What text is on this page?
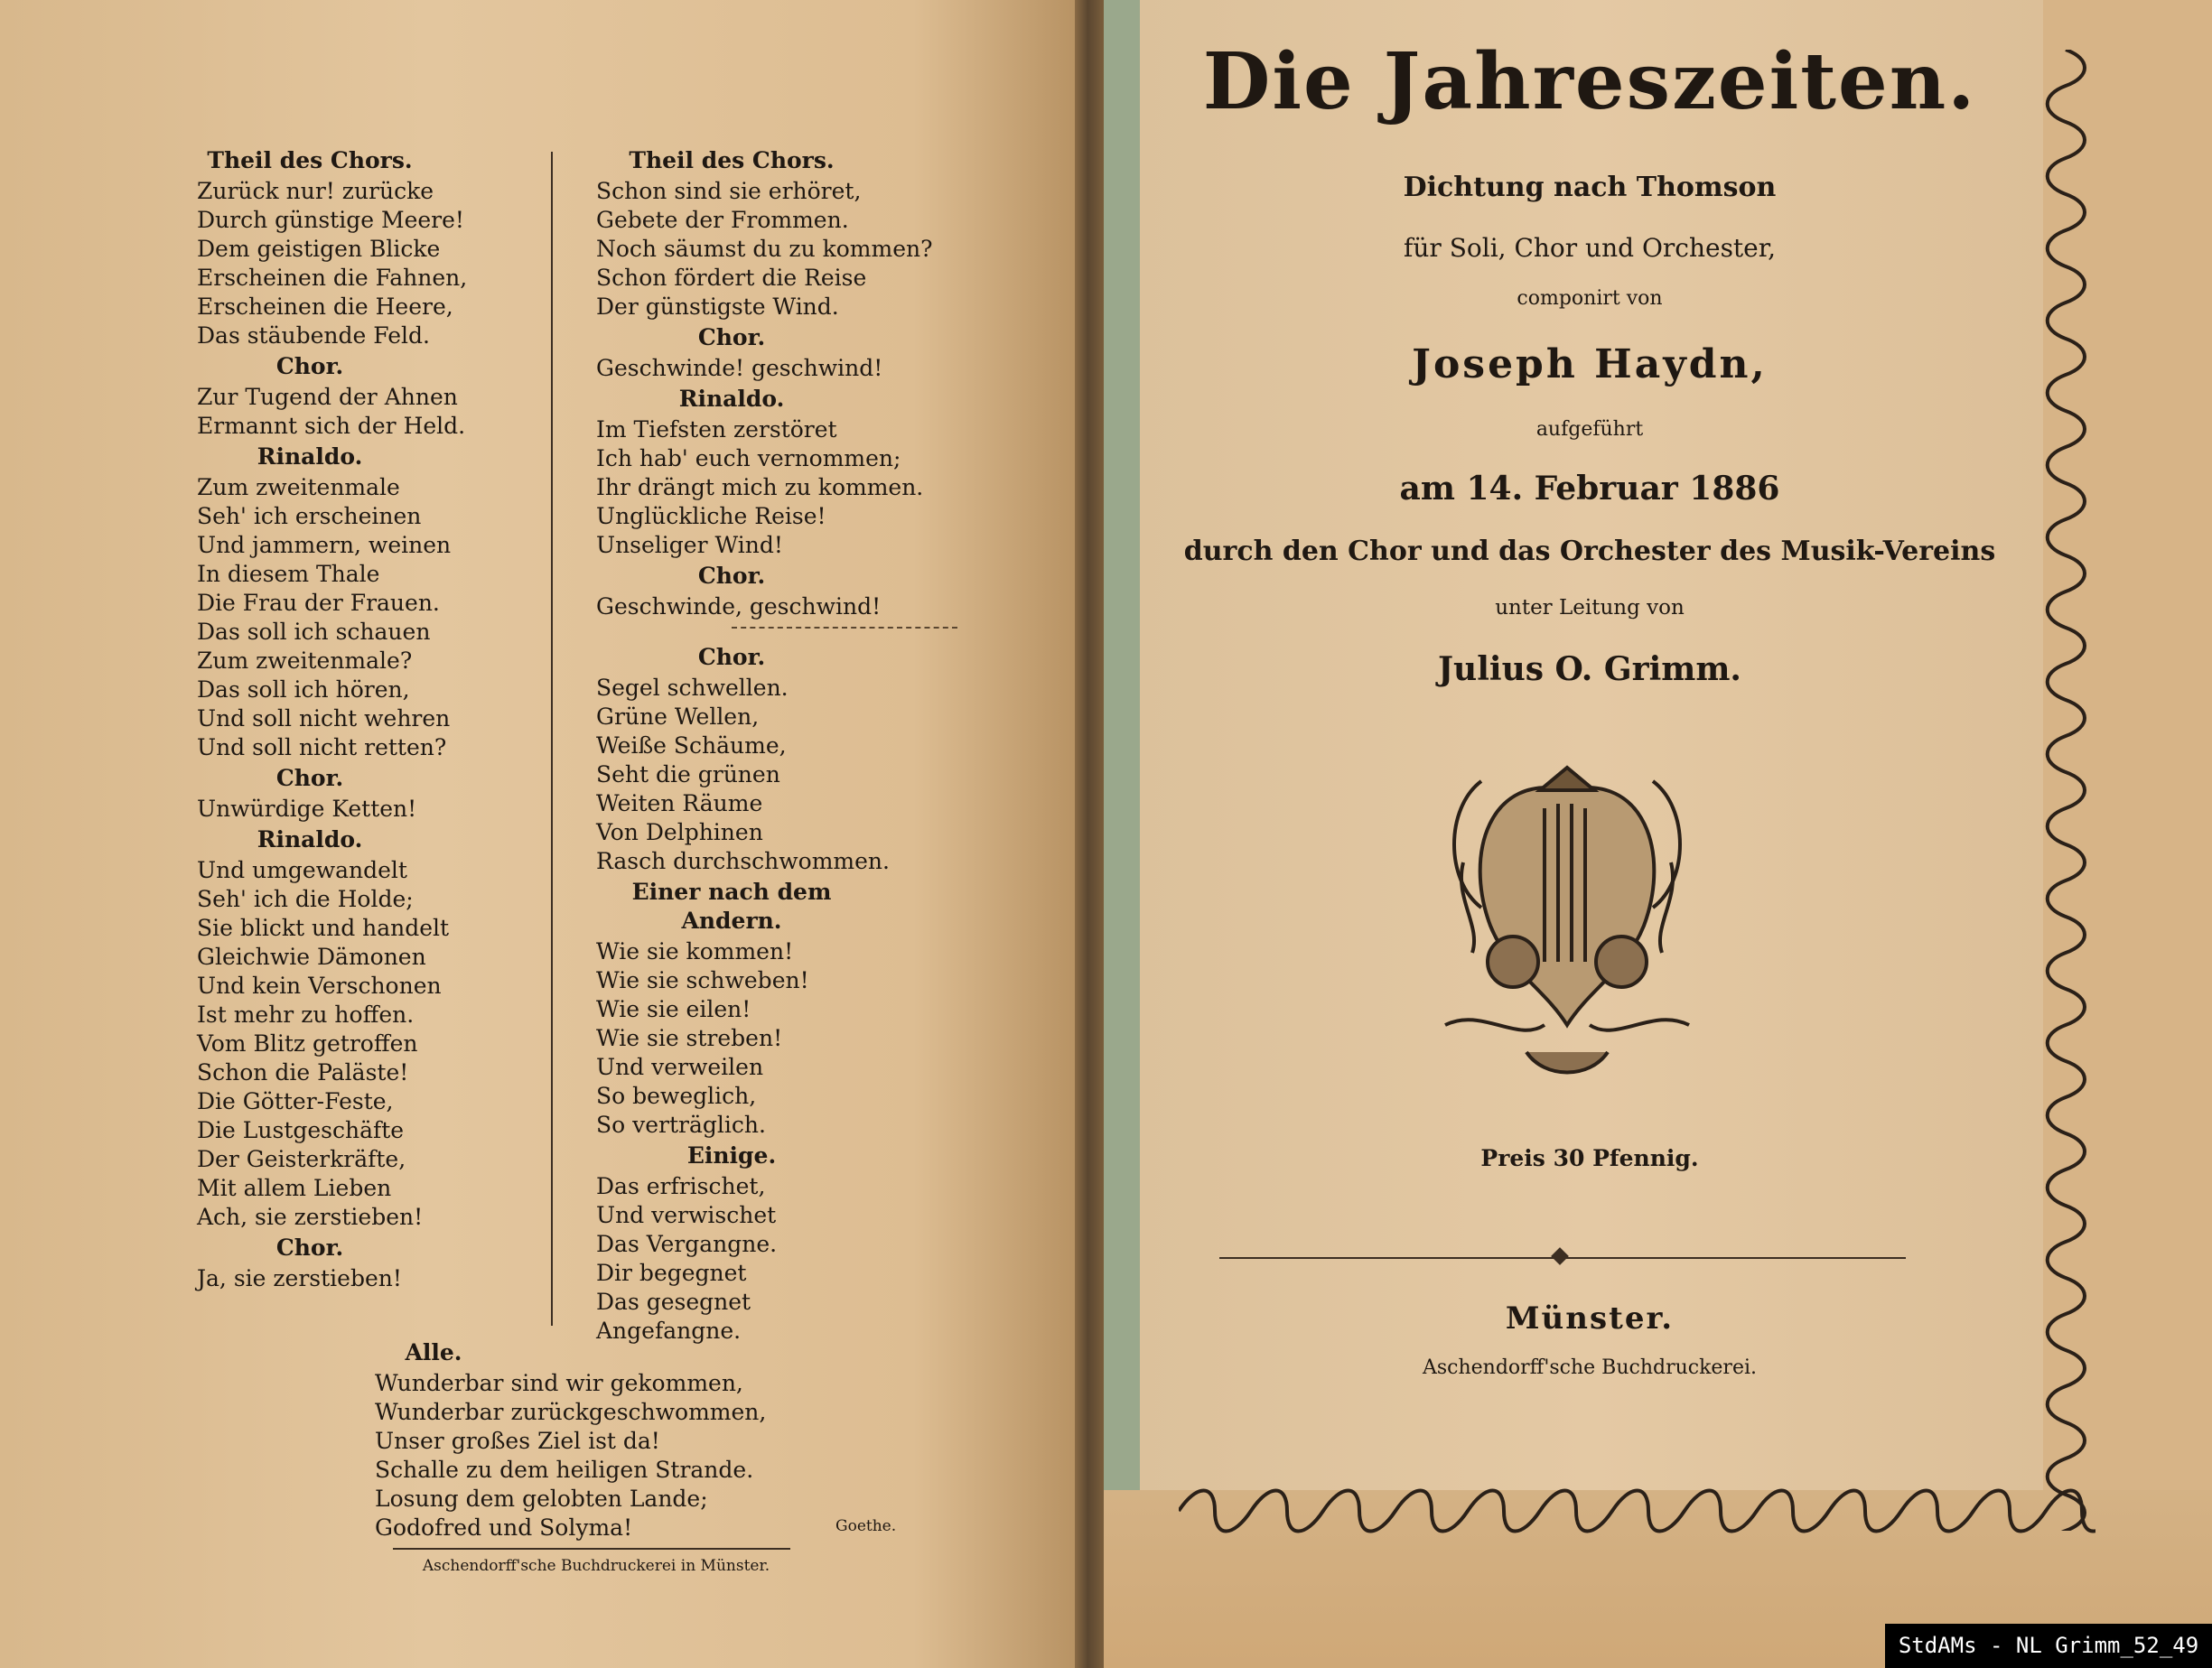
Theil des Chors.
Zurück nur! zurücke
Durch günstige Meere!
Dem geistigen Blicke
Erscheinen die Fahnen,
Erscheinen die Heere,
Das stäubende Feld.
Chor.
Zur Tugend der Ahnen
Ermannt sich der Held.
Rinaldo.
Zum zweitenmale
Seh' ich erscheinen
Und jammern, weinen
In diesem Thale
Die Frau der Frauen.
Das soll ich schauen
Zum zweitenmale?
Das soll ich hören,
Und soll nicht wehren
Und soll nicht retten?
Chor.
Unwürdige Ketten!
Rinaldo.
Und umgewandelt
Seh' ich die Holde;
Sie blickt und handelt
Gleichwie Dämonen
Und kein Verschonen
Ist mehr zu hoffen.
Vom Blitz getroffen
Schon die Paläste!
Die Götter-Feste,
Die Lustgeschäfte
Der Geisterkräfte,
Mit allem Lieben
Ach, sie zerstieben!
Chor.
Ja, sie zerstieben!
Theil des Chors.
Schon sind sie erhöret,
Gebete der Frommen.
Noch säumst du zu kommen?
Schon fördert die Reise
Der günstigste Wind.
Chor.
Geschwinde! geschwind!
Rinaldo.
Im Tiefsten zerstöret
Ich hab' euch vernommen;
Ihr drängt mich zu kommen.
Unglückliche Reise!
Unseliger Wind!
Chor.
Geschwinde, geschwind!
Chor.
Segel schwellen.
Grüne Wellen,
Weiße Schäume,
Seht die grünen
Weiten Räume
Von Delphinen
Rasch durchschwommen.
Einer nach dem Andern.
Wie sie kommen!
Wie sie schweben!
Wie sie eilen!
Wie sie streben!
Und verweilen
So beweglich,
So verträglich.
Einige.
Das erfrischet,
Und verwischet
Das Vergangne.
Dir begegnet
Das gesegnet
Angefangne.
Alle.
Wunderbar sind wir gekommen,
Wunderbar zurückgeschwommen,
Unser großes Ziel ist da!
Schalle zu dem heiligen Strande.
Losung dem gelobten Lande;
Godofred und Solyma!	Goethe.
Aschendorff'sche Buchdruckerei in Münster.
Die Jahreszeiten.
Dichtung nach Thomson
für Soli, Chor und Orchester,
componirt von
Joseph Haydn,
aufgeführt
am 14. Februar 1886
durch den Chor und das Orchester des Musik-Vereins
unter Leitung von
Julius O. Grimm.
Preis 30 Pfennig.
Münster.
Aschendorff'sche Buchdruckerei.
StdAMs - NL Grimm_52_49
